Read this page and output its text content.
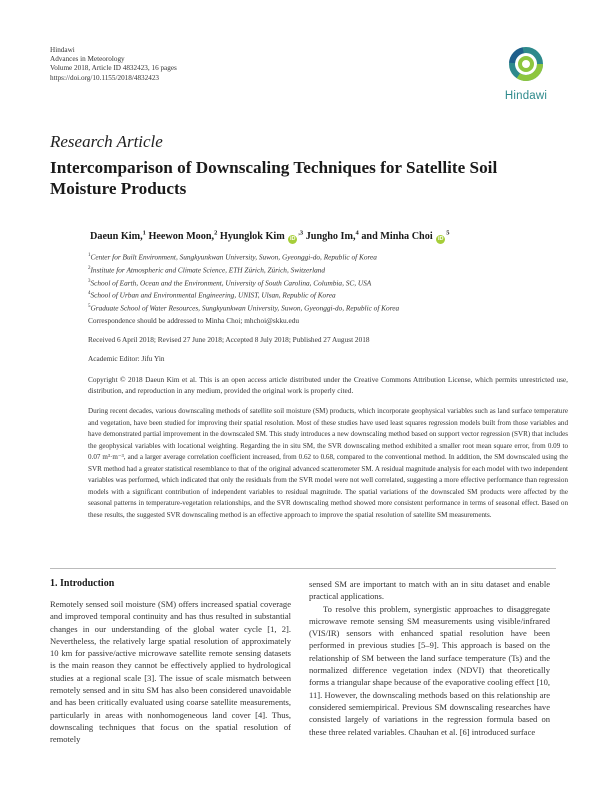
Hindawi
Advances in Meteorology
Volume 2018, Article ID 4832423, 16 pages
https://doi.org/10.1155/2018/4832423
Hindawi
Research Article
Intercomparison of Downscaling Techniques for Satellite Soil Moisture Products
Daeun Kim,$^1$ Heewon Moon,$^2$ Hyunglok Kim $iD^{,3}$ Jungho Im,$^4$ and Minha Choi $iD^5$
$^1$Center for Built Environment, Sungkyunkwan University, Suwon, Gyeonggi-do, Republic of Korea
$^2$Institute for Atmospheric and Climate Science, ETH Zürich, Zürich, Switzerland
$^3$School of Earth, Ocean and the Environment, University of South Carolina, Columbia, SC, USA
$^4$School of Urban and Environmental Engineering, UNIST, Ulsan, Republic of Korea
$^5$Graduate School of Water Resources, Sungkyunkwan University, Suwon, Gyeonggi-do, Republic of Korea
Correspondence should be addressed to Minha Choi; mhchoi@skku.edu
Received 6 April 2018; Revised 27 June 2018; Accepted 8 July 2018; Published 27 August 2018
Academic Editor: Jifu Yin
Copyright © 2018 Daeun Kim et al. This is an open access article distributed under the Creative Commons Attribution License, which permits unrestricted use, distribution, and reproduction in any medium, provided the original work is properly cited.
During recent decades, various downscaling methods of satellite soil moisture (SM) products, which incorporate geophysical variables such as land surface temperature and vegetation, have been studied for improving their spatial resolution. Most of these studies have used least squares regression models built from those variables and have demonstrated partial improvement in the downscaled SM. This study introduces a new downscaling method based on support vector regression (SVR) that includes the geophysical variables with locational weighting. Regarding the in situ SM, the SVR downscaling method exhibited a smaller root mean square error, from 0.09 to 0.07 m³·m⁻³, and a larger average correlation coefficient increased, from 0.62 to 0.68, compared to the conventional method. In addition, the SM downscaled using the SVR method had a greater statistical resemblance to that of the original advanced scatterometer SM. A residual magnitude analysis for each model with two independent variables was performed, which indicated that only the residuals from the SVR model were not well correlated, suggesting a more effective performance than regression models with a significant contribution of independent variables to residual magnitude. The spatial variations of the downscaled SM products were affected by the seasonal patterns in temperature-vegetation relationships, and the SVR downscaling method showed more consistent performance in terms of seasonal effect. Based on these results, the suggested SVR downscaling method is an effective approach to improve the spatial resolution of satellite SM measurements.
1. Introduction
Remotely sensed soil moisture (SM) offers increased spatial coverage and improved temporal continuity and has thus resulted in substantial changes in our understanding of the global water cycle [1, 2]. Nevertheless, the relatively large spatial resolution of approximately 10 km for passive/active microwave satellite remote sensing datasets is the main reason they cannot be effectively applied to hydrological studies at a regional scale [3]. The issue of scale mismatch between remotely sensed and in situ SM has also been considered unavoidable and has been critically evaluated using coarse satellite measurements, particularly in areas with nonhomogeneous land cover [4]. Thus, downscaling techniques that focus on the spatial resolution of remotely
sensed SM are important to match with an in situ dataset and enable practical applications.
To resolve this problem, synergistic approaches to disaggregate microwave remote sensing SM measurements using visible/infrared (VIS/IR) sensors with enhanced spatial resolution have been performed in previous studies [5–9]. This approach is based on the relationship of SM between the land surface temperature (Ts) and the normalized difference vegetation index (NDVI) that theoretically forms a triangular shape because of the evaporative cooling effect [10, 11]. However, the downscaling methods based on this relationship are considered semiempirical. Previous SM downscaling researches have consisted largely of variations in the regression formula based on these three related variables. Chauhan et al. [6] introduced surface
